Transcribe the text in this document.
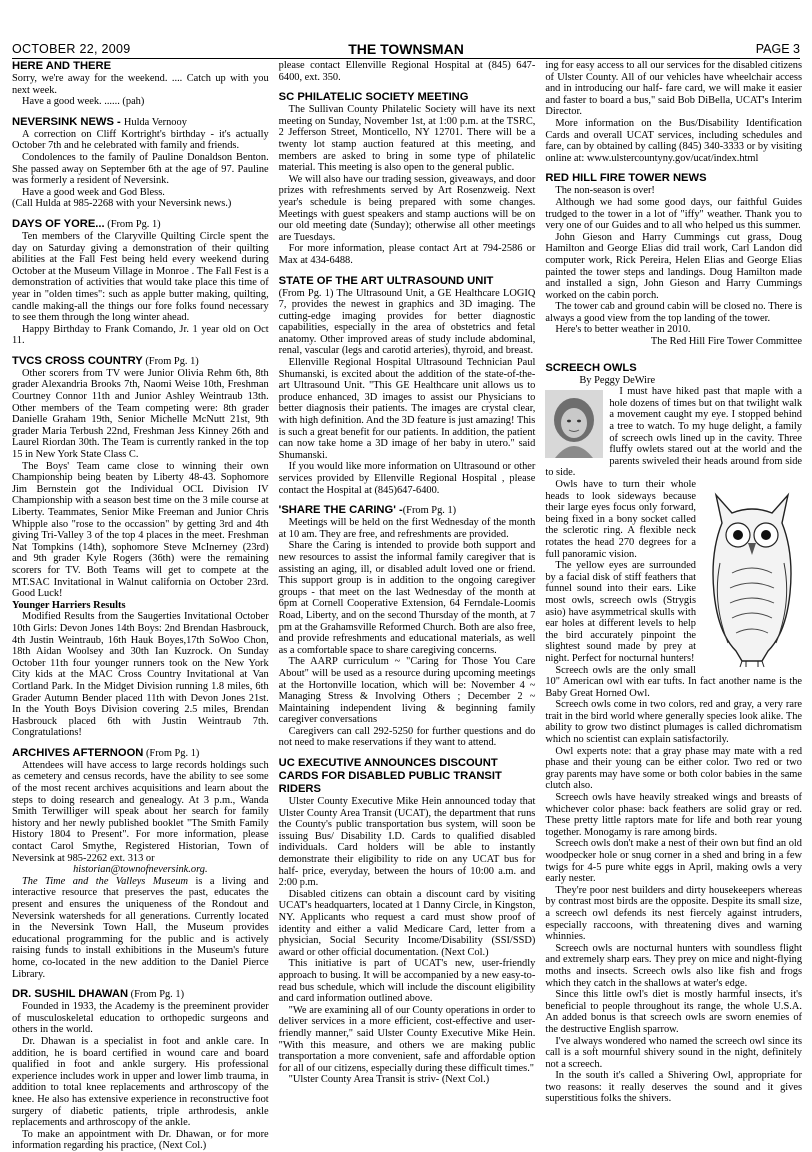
OCTOBER 22, 2009	THE TOWNSMAN	PAGE 3
HERE AND THERE

Sorry, we're away for the weekend. .... Catch up with you next week.

Have a good week. ...... (pah)

NEVERSINK NEWS - Hulda Vernooy

A correction on Cliff Kortright's birthday - it's actually October 7th and he celebrated with family and friends.

Condolences to the family of Pauline Donaldson Benton. She passed away on September 6th at the age of 97. Pauline was formerly a resident of Neversink.

Have a good week and God Bless.

(Call Hulda at 985-2268 with your Neversink news.)

DAYS OF YORE... (From Pg. 1)

Ten members of the Claryville Quilting Circle spent the day on Saturday giving a demonstration of their quilting abilities at the Fall Fest being held every weekend during October at the Museum Village in Monroe . The Fall Fest is a demonstration of activities that would take place this time of year in "olden times": such as apple butter making, quilting, candle making-all the things our fore folks found necessary to see them through the long winter ahead.

Happy Birthday to Frank Comando, Jr. 1 year old on Oct 11.

TVCS CROSS COUNTRY (From Pg. 1)

Other scorers from TV were Junior Olivia Rehm 6th, 8th grader Alexandria Brooks 7th, Naomi Weise 10th, Freshman Courtney Connor 11th and Junior Ashley Weintraub 13th. Other members of the Team competing were: 8th grader Danielle Graham 19th, Senior Michelle McNutt 21st, 9th grader Maria Terbush 22nd, Freshman Jess Kinney 26th and Laurel Riordan 30th. The Team is currently ranked in the top 15 in New York State Class C.

The Boys' Team came close to winning their own Championship being beaten by Liberty 48-43. Sophomore Jim Bernstein got the Individual OCL Division IV Championship with a season best time on the 3 mile course at Liberty. Teammates, Senior Mike Freeman and Junior Chris Whipple also "rose to the occassion" by getting 3rd and 4th giving Tri-Valley 3 of the top 4 places in the meet. Freshman Nat Tompkins (14th), sophomore Steve McInerney (23rd) and 9th grader Kyle Rogers (36th) were the remaining scorers for TV. Both Teams will get to compete at the MT.SAC Invitational in Walnut california on October 23rd. Good Luck!

Younger Harriers Results

Modified Results from the Saugerties Invitational October 10th Girls: Devon Jones 14th Boys: 2nd Brendan Hasbrouck, 4th Justin Weintraub, 16th Hauk Boyes,17th SoWoo Chon, 18th Aidan Woolsey and 30th Ian Kuzrock. On Sunday October 11th four younger runners took on the New York City kids at the MAC Cross Country Invitational at Van Cortland Park. In the Midget Division running 1.8 miles, 6th Grader Autumn Bender placed 11th with Devon Jones 21st. In the Youth Boys Division covering 2.5 miles, Brendan Hasbrouck placed 6th with Justin Weintraub 7th. Congratulations!

ARCHIVES AFTERNOON (From Pg. 1)

Attendees will have access to large records holdings such as cemetery and census records, have the ability to see some of the most recent archives acquisitions and learn about the steps to doing research and genealogy. At 3 p.m., Wanda Smith Terwilliger will speak about her search for family history and her newly published booklet "The Smith Family History 1804 to Present". For more information, please contact Carol Smythe, Registered Historian, Town of Neversink at 985-2262 ext. 313 or

historian@townofneversink.org.

The Time and the Valleys Museum is a living and interactive resource that preserves the past, educates the present and ensures the uniqueness of the Rondout and Neversink watersheds for all generations. Currently located in the Neversink Town Hall, the Museum provides educational programming for the public and is actively raising funds to install exhibitions in the Museum's future home, co-located in the new addition to the Daniel Pierce Library.

DR. SUSHIL DHAWAN (From Pg. 1)

Founded in 1933, the Academy is the preeminent provider of musculoskeletal education to orthopedic surgeons and others in the world.

Dr. Dhawan is a specialist in foot and ankle care. In addition, he is board certified in wound care and board qualified in foot and ankle surgery. His professional experience includes work in upper and lower limb trauma, in addition to total knee replacements and arthroscopy of the knee. He also has extensive experience in reconstructive foot surgery of diabetic patients, triple arthrodesis, ankle replacements and arthroscopy of the ankle.

To make an appointment with Dr. Dhawan, or for more information regarding his practice, (Next Col.)

please contact Ellenville Regional Hospital at (845) 647-6400, ext. 350.

SC PHILATELIC SOCIETY MEETING

The Sullivan County Philatelic Society will have its next meeting on Sunday, November 1st, at 1:00 p.m. at the TSRC, 2 Jefferson Street, Monticello, NY 12701. There will be a twenty lot stamp auction featured at this meeting, and members are asked to bring in some type of philatelic material. This meeting is also open to the general public.

We will also have our trading session, giveaways, and door prizes with refreshments served by Art Rosenzweig. Next year's schedule is being prepared with some changes. Meetings with guest speakers and stamp auctions will be on our old meeting date (Sunday); otherwise all other meetings are Tuesdays.

For more information, please contact Art at 794-2586 or Max at 434-6488.

STATE OF THE ART ULTRASOUND UNIT

(From Pg. 1) The Ultrasound Unit, a GE Healthcare LOGIQ 7, provides the newest in graphics and 3D imaging. The cutting-edge imaging provides for better diagnostic capabilities, especially in the area of obstetrics and fetal anatomy. Other improved areas of study include abdominal, renal, vascular (legs and carotid arteries), thyroid, and breast.

Ellenville Regional Hospital Ultrasound Technician Paul Shumanski, is excited about the addition of the state-of-the-art Ultrasound Unit. "This GE Healthcare unit allows us to produce enhanced, 3D images to assist our Physicians to better diagnosis their patients. The images are crystal clear, with high definition. And the 3D feature is just amazing! This is such a great benefit for our patients. In addition, the patient can now take home a 3D image of her baby in utero." said Shumanski.

If you would like more information on Ultrasound or other services provided by Ellenville Regional Hospital , please contact the Hospital at (845)647-6400.

'SHARE THE CARING' -(From Pg. 1)

Meetings will be held on the first Wednesday of the month at 10 am. They are free, and refreshments are provided.

Share the Caring is intended to provide both support and new resources to assist the informal family caregiver that is assisting an aging, ill, or disabled adult loved one or friend. This support group is in addition to the ongoing caregiver groups - that meet on the last Wednesday of the month at 6pm at Cornell Cooperative Extension, 64 Ferndale-Loomis Road, Liberty, and on the second Thursday of the month, at 7 pm at the Grahamsville Reformed Church. Both are also free, and provide refreshments and educational materials, as well as a comfortable space to share caregiving concerns.

The AARP curriculum ~ "Caring for Those You Care About" will be used as a resource during upcoming meetings at the Hortonville location, which will be: November 4 ~ Managing Stress & Involving Others ; December 2 ~ Maintaining independent living & beginning family caregiver conversations

Caregivers can call 292-5250 for further questions and do not need to make reservations if they want to attend.

UC EXECUTIVE ANNOUNCES DISCOUNT CARDS FOR DISABLED PUBLIC TRANSIT RIDERS

Ulster County Executive Mike Hein announced today that Ulster County Area Transit (UCAT), the department that runs the County's public transportation bus system, will soon be issuing Bus/ Disability I.D. Cards to qualified disabled individuals. Card holders will be able to instantly demonstrate their eligibility to ride on any UCAT bus for half- price, everyday, between the hours of 10:00 a.m. and 2:00 p.m.

Disabled citizens can obtain a discount card by visiting UCAT's headquarters, located at 1 Danny Circle, in Kingston, NY. Applicants who request a card must show proof of identity and either a valid Medicare Card, letter from a physician, Social Security Income/Disability (SSI/SSD) award or other official documentation. (Next Col.)

This initiative is part of UCAT's new, user-friendly approach to busing. It will be accompanied by a new easy-to-read bus schedule, which will include the discount eligibility and card information outlined above.

"We are examining all of our County operations in order to deliver services in a more efficient, cost-effective and user-friendly manner," said Ulster County Executive Mike Hein. "With this measure, and others we are making public transportation a more convenient, safe and affordable option for all of our citizens, especially during these difficult times."

"Ulster County Area Transit is striv- (Next Col.)

ing for easy access to all our services for the disabled citizens of Ulster County. All of our vehicles have wheelchair access and in introducing our half- fare card, we will make it easier and faster to board a bus," said Bob DiBella, UCAT's Interim Director.

More information on the Bus/Disability Identification Cards and overall UCAT services, including schedules and fare, can by obtained by calling (845) 340-3333 or by visiting online at: www.ulstercountyny.gov/ucat/index.html

RED HILL FIRE TOWER NEWS

The non-season is over!

Although we had some good days, our faithful Guides trudged to the tower in a lot of "iffy" weather. Thank you to very one of our Guides and to all who helped us this summer.

John Gieson and Harry Cummings cut grass, Doug Hamilton and George Elias did trail work, Carl Landon did computer work, Rick Pereira, Helen Elias and George Elias painted the tower steps and landings. Doug Hamilton made and installed a sign, John Gieson and Harry Cummings worked on the cabin porch.

The tower cab and ground cabin will be closed no. There is always a good view from the top landing of the tower.

Here's to better weather in 2010.

The Red Hill Fire Tower Committee

SCREECH OWLS

By Peggy DeWire

I must have hiked past that maple with a hole dozens of times but on that twilight walk a movement caught my eye. I stopped behind a tree to watch. To my huge delight, a family of screech owls lined up in the cavity. Three fluffy owlets stared out at the world and the parents swiveled their heads around from side to side.

Owls have to turn their whole heads to look sideways because their large eyes focus only forward, being fixed in a bony socket called the sclerotic ring. A flexible neck rotates the head 270 degrees for a full panoramic vision.

The yellow eyes are surrounded by a facial disk of stiff feathers that funnel sound into their ears. Like most owls, screech owls (Strygis asio) have asymmetrical skulls with ear holes at different levels to help the bird accurately pinpoint the slightest sound made by prey at night. Perfect for nocturnal hunters!

Screech owls are the only small 10" American owl with ear tufts. In fact another name is the Baby Great Horned Owl.

Screech owls come in two colors, red and gray, a very rare trait in the bird world where generally species look alike. The ability to grow two distinct plumages is called dichromatism which no scientist can explain satisfactorily.

Owl experts note: that a gray phase may mate with a red phase and their young can be either color. Two red or two gray parents may have some or both color babies in the same clutch also.

Screech owls have heavily streaked wings and breasts of whichever color phase: back feathers are solid gray or red. These pretty little raptors mate for life and both rear young together. Monogamy is rare among birds.

Screech owls don't make a nest of their own but find an old woodpecker hole or snug corner in a shed and bring in a few twigs for 4-5 pure white eggs in April, making owls a very early nester.

They're poor nest builders and dirty housekeepers whereas by contrast most birds are the opposite. Despite its small size, a screech owl defends its nest fiercely against intruders, especially raccoons, with threatening dives and warning whinnies.

Screech owls are nocturnal hunters with soundless flight and extremely sharp ears. They prey on mice and night-flying moths and insects. Screech owls also like fish and frogs which they catch in the shallows at water's edge.

Since this little owl's diet is mostly harmful insects, it's beneficial to people throughout its range, the whole U.S.A. An added bonus is that screech owls are sworn enemies of the destructive English sparrow.

I've always wondered who named the screech owl since its call is a soft mournful shivery sound in the night, definitely not a screech.

In the south it's called a Shivering Owl, appropriate for two reasons: it really deserves the sound and it gives superstitious folks the shivers.
